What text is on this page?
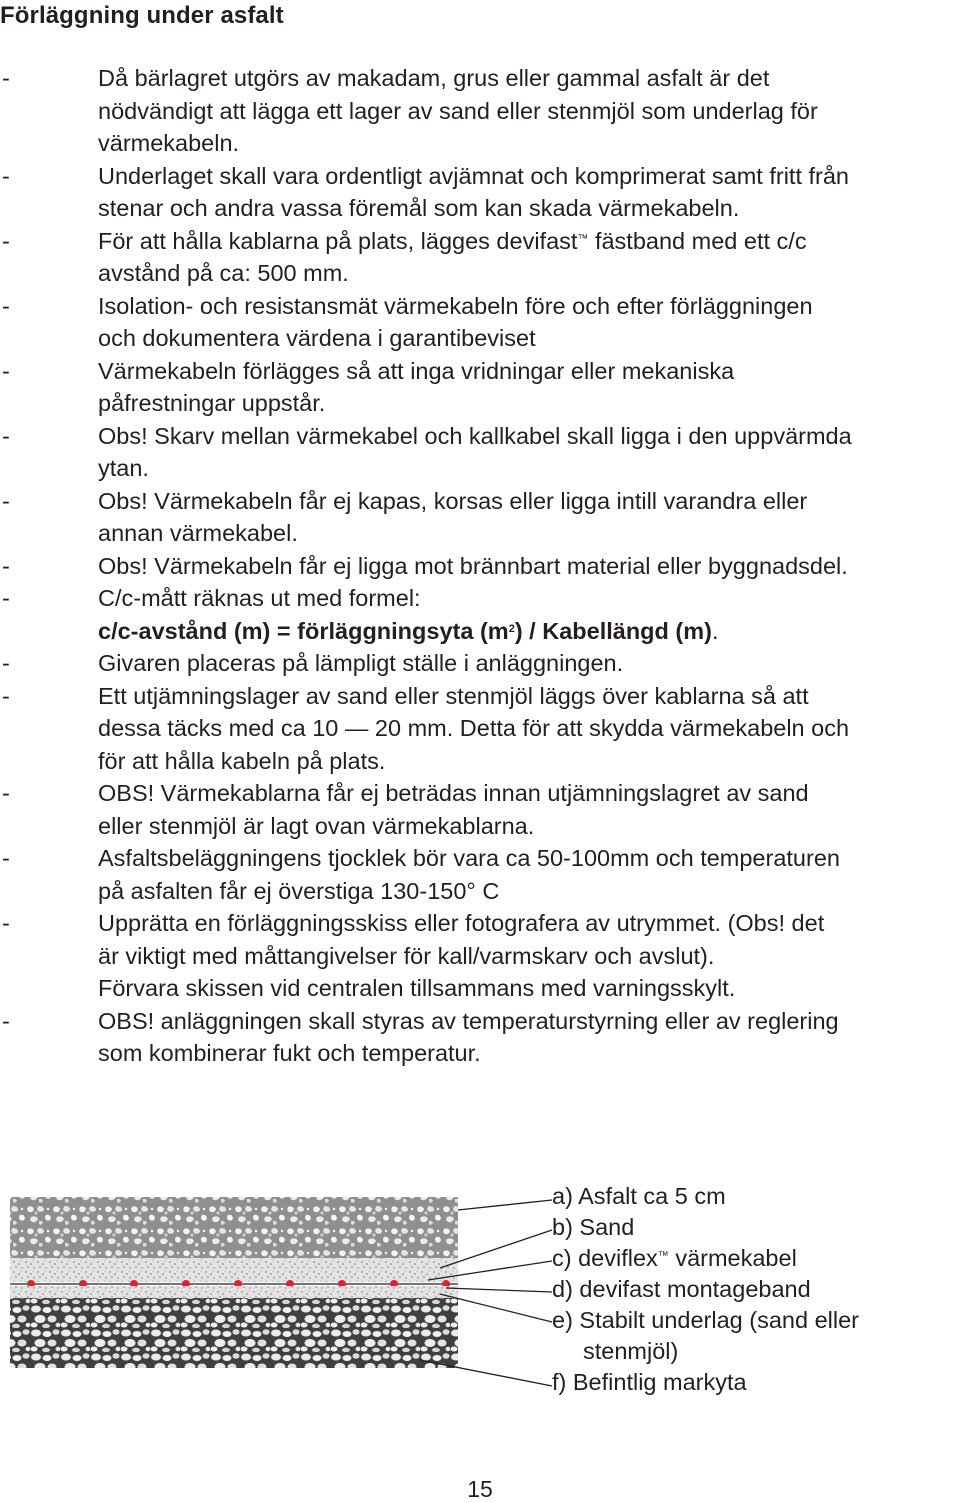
Förläggning under asfalt
-	Då bärlagret utgörs av makadam, grus eller gammal asfalt är det
nödvändigt att lägga ett lager av sand eller stenmjöl som underlag för
värmekabeln.
-	Underlaget skall vara ordentligt avjämnat och komprimerat samt fritt från
stenar och andra vassa föremål som kan skada värmekabeln.
-	För att hålla kablarna på plats, lägges devifast™ fästband med ett c/c
avstånd på ca: 500 mm.
-	Isolation- och resistansmät värmekabeln före och efter förläggningen
och dokumentera värdena i garantibeviset
-	Värmekabeln förlägges så att inga vridningar eller mekaniska
påfrestningar uppstår.
-	Obs! Skarv mellan värmekabel och kallkabel skall ligga i den uppvärmda
ytan.
-	Obs! Värmekabeln får ej kapas, korsas eller ligga intill varandra eller
annan värmekabel.
-	Obs! Värmekabeln får ej ligga mot brännbart material eller byggnadsdel.
-	C/c-mått räknas ut med formel:
c/c-avstånd (m) = förläggningsyta $(m^2)$ / Kabellängd (m).
-	Givaren placeras på lämpligt ställe i anläggningen.
-	Ett utjämningslager av sand eller stenmjöl läggs över kablarna så att
dessa täcks med ca 10 — 20 mm. Detta för att skydda värmekabeln och
för att hålla kabeln på plats.
-	OBS! Värmekablarna får ej beträdas innan utjämningslagret av sand
eller stenmjöl är lagt ovan värmekablarna.
-	Asfaltsbeläggningens tjocklek bör vara ca 50-100mm och temperaturen
på asfalten får ej överstiga 130-150° C
-	Upprätta en förläggningsskiss eller fotografera av utrymmet. (Obs! det
är viktigt med måttangivelser för kall/varmskarv och avslut).
Förvara skissen vid centralen tillsammans med varningsskylt.
-	OBS! anläggningen skall styras av temperaturstyrning eller av reglering
som kombinerar fukt och temperatur.
a) Asfalt ca 5 cm
b) Sand
c) deviflex™ värmekabel
d) devifast montageband
e) Stabilt underlag (sand eller
stenmjöl)
f) Befintlig markyta
15
